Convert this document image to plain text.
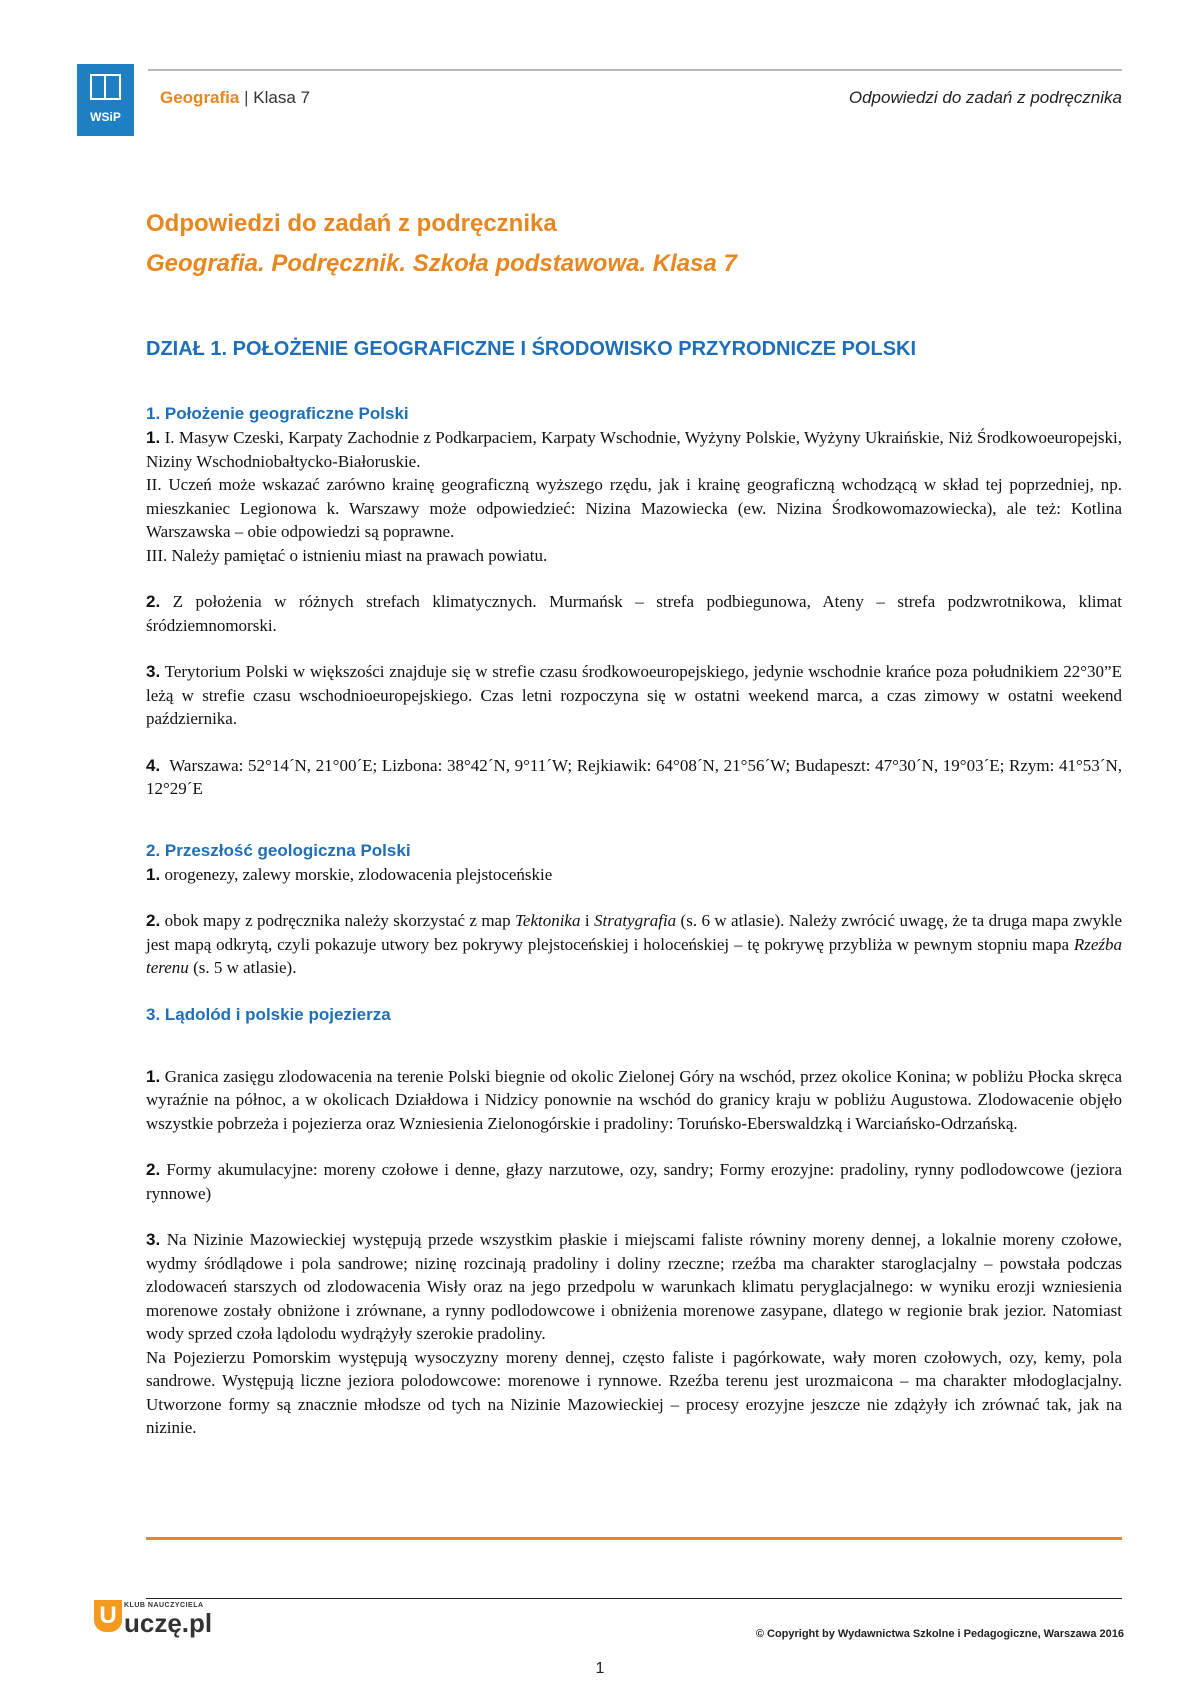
WSiP
Geografia | Klasa 7	Odpowiedzi do zadań z podręcznika
Odpowiedzi do zadań z podręcznika
Geografia. Podręcznik. Szkoła podstawowa. Klasa 7
DZIAŁ 1. POŁOŻENIE GEOGRAFICZNE I ŚRODOWISKO PRZYRODNICZE POLSKI
1. Położenie geograficzne Polski

1. I. Masyw Czeski, Karpaty Zachodnie z Podkarpaciem, Karpaty Wschodnie, Wyżyny Polskie, Wyżyny Ukraińskie, Niż Środkowoeuropejski, Niziny Wschodniobałtycko-Białoruskie.

II. Uczeń może wskazać zarówno krainę geograficzną wyższego rzędu, jak i krainę geograficzną wchodzącą w skład tej poprzedniej, np. mieszkaniec Legionowa k. Warszawy może odpowiedzieć: Nizina Mazowiecka (ew. Nizina Środkowomazowiecka), ale też: Kotlina Warszawska – obie odpowiedzi są poprawne.

III. Należy pamiętać o istnieniu miast na prawach powiatu.

2. Z położenia w różnych strefach klimatycznych. Murmańsk – strefa podbiegunowa, Ateny – strefa podzwrotnikowa, klimat śródziemnomorski.

3. Terytorium Polski w większości znajduje się w strefie czasu środkowoeuropejskiego, jedynie wschodnie krańce poza południkiem 22°30”E leżą w strefie czasu wschodnioeuropejskiego. Czas letni rozpoczyna się w ostatni weekend marca, a czas zimowy w ostatni weekend października.

4. Warszawa: 52°14´N, 21°00´E; Lizbona: 38°42´N, 9°11´W; Rejkiawik: 64°08´N, 21°56´W; Budapeszt: 47°30´N, 19°03´E; Rzym: 41°53´N, 12°29´E

2. Przeszłość geologiczna Polski

1. orogenezy, zalewy morskie, zlodowacenia plejstoceńskie

2. obok mapy z podręcznika należy skorzystać z map Tektonika i Stratygrafia (s. 6 w atlasie). Należy zwrócić uwagę, że ta druga mapa zwykle jest mapą odkrytą, czyli pokazuje utwory bez pokrywy plejstoceńskiej i holoceńskiej – tę pokrywę przybliża w pewnym stopniu mapa Rzeźba terenu (s. 5 w atlasie).

3. Lądolód i polskie pojezierza

1. Granica zasięgu zlodowacenia na terenie Polski biegnie od okolic Zielonej Góry na wschód, przez okolice Konina; w pobliżu Płocka skręca wyraźnie na północ, a w okolicach Działdowa i Nidzicy ponownie na wschód do granicy kraju w pobliżu Augustowa. Zlodowacenie objęło wszystkie pobrzeża i pojezierza oraz Wzniesienia Zielonogórskie i pradoliny: Toruńsko-Eberswaldzką i Warciańsko-Odrzańską.

2. Formy akumulacyjne: moreny czołowe i denne, głazy narzutowe, ozy, sandry; Formy erozyjne: pradoliny, rynny podlodowcowe (jeziora rynnowe)

3. Na Nizinie Mazowieckiej występują przede wszystkim płaskie i miejscami faliste równiny moreny dennej, a lokalnie moreny czołowe, wydmy śródlądowe i pola sandrowe; nizinę rozcinają pradoliny i doliny rzeczne; rzeźba ma charakter staroglacjalny – powstała podczas zlodowaceń starszych od zlodowacenia Wisły oraz na jego przedpolu w warunkach klimatu peryglacjalnego: w wyniku erozji wzniesienia morenowe zostały obniżone i zrównane, a rynny podlodowcowe i obniżenia morenowe zasypane, dlatego w regionie brak jezior. Natomiast wody sprzed czoła lądolodu wydrążyły szerokie pradoliny.

Na Pojezierzu Pomorskim występują wysoczyzny moreny dennej, często faliste i pagórkowate, wały moren czołowych, ozy, kemy, pola sandrowe. Występują liczne jeziora polodowcowe: morenowe i rynnowe. Rzeźba terenu jest urozmaicona – ma charakter młodoglacjalny. Utworzone formy są znacznie młodsze od tych na Nizinie Mazowieckiej – procesy erozyjne jeszcze nie zdążyły ich zrównać tak, jak na nizinie.

U KLUB NAUCZYCIELA
uczę.pl	© Copyright by Wydawnictwa Szkolne i Pedagogiczne, Warszawa 2016
1
